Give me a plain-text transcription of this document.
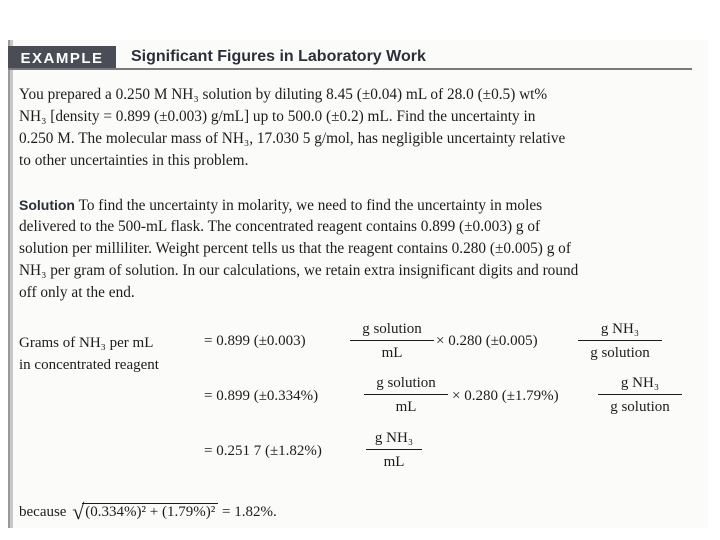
EXAMPLE Significant Figures in Laboratory Work
You prepared a 0.250 M NH₃ solution by diluting 8.45 (±0.04) mL of 28.0 (±0.5) wt%
NH₃ [density = 0.899 (±0.003) g/mL] up to 500.0 (±0.2) mL. Find the uncertainty in
0.250 M. The molecular mass of NH₃, 17.030 5 g/mol, has negligible uncertainty relative
to other uncertainties in this problem.
Solution To find the uncertainty in molarity, we need to find the uncertainty in moles
delivered to the 500-mL flask. The concentrated reagent contains 0.899 (±0.003) g of
solution per milliliter. Weight percent tells us that the reagent contains 0.280 (±0.005) g of
NH₃ per gram of solution. In our calculations, we retain extra insignificant digits and round
off only at the end.
Grams of NH₃ per mL
in concentrated reagent
= 0.899 (±0.003)
g solution
mL
× 0.280 (±0.005)
g NH₃
g solution
= 0.899 (±0.334%)
g solution
mL
× 0.280 (±1.79%)
g NH₃
g solution
= 0.251 7 (±1.82%)	$\frac{\text{g NH₃}}{mL}$
because √(0.334%)² + (1.79%)² = 1.82%.
